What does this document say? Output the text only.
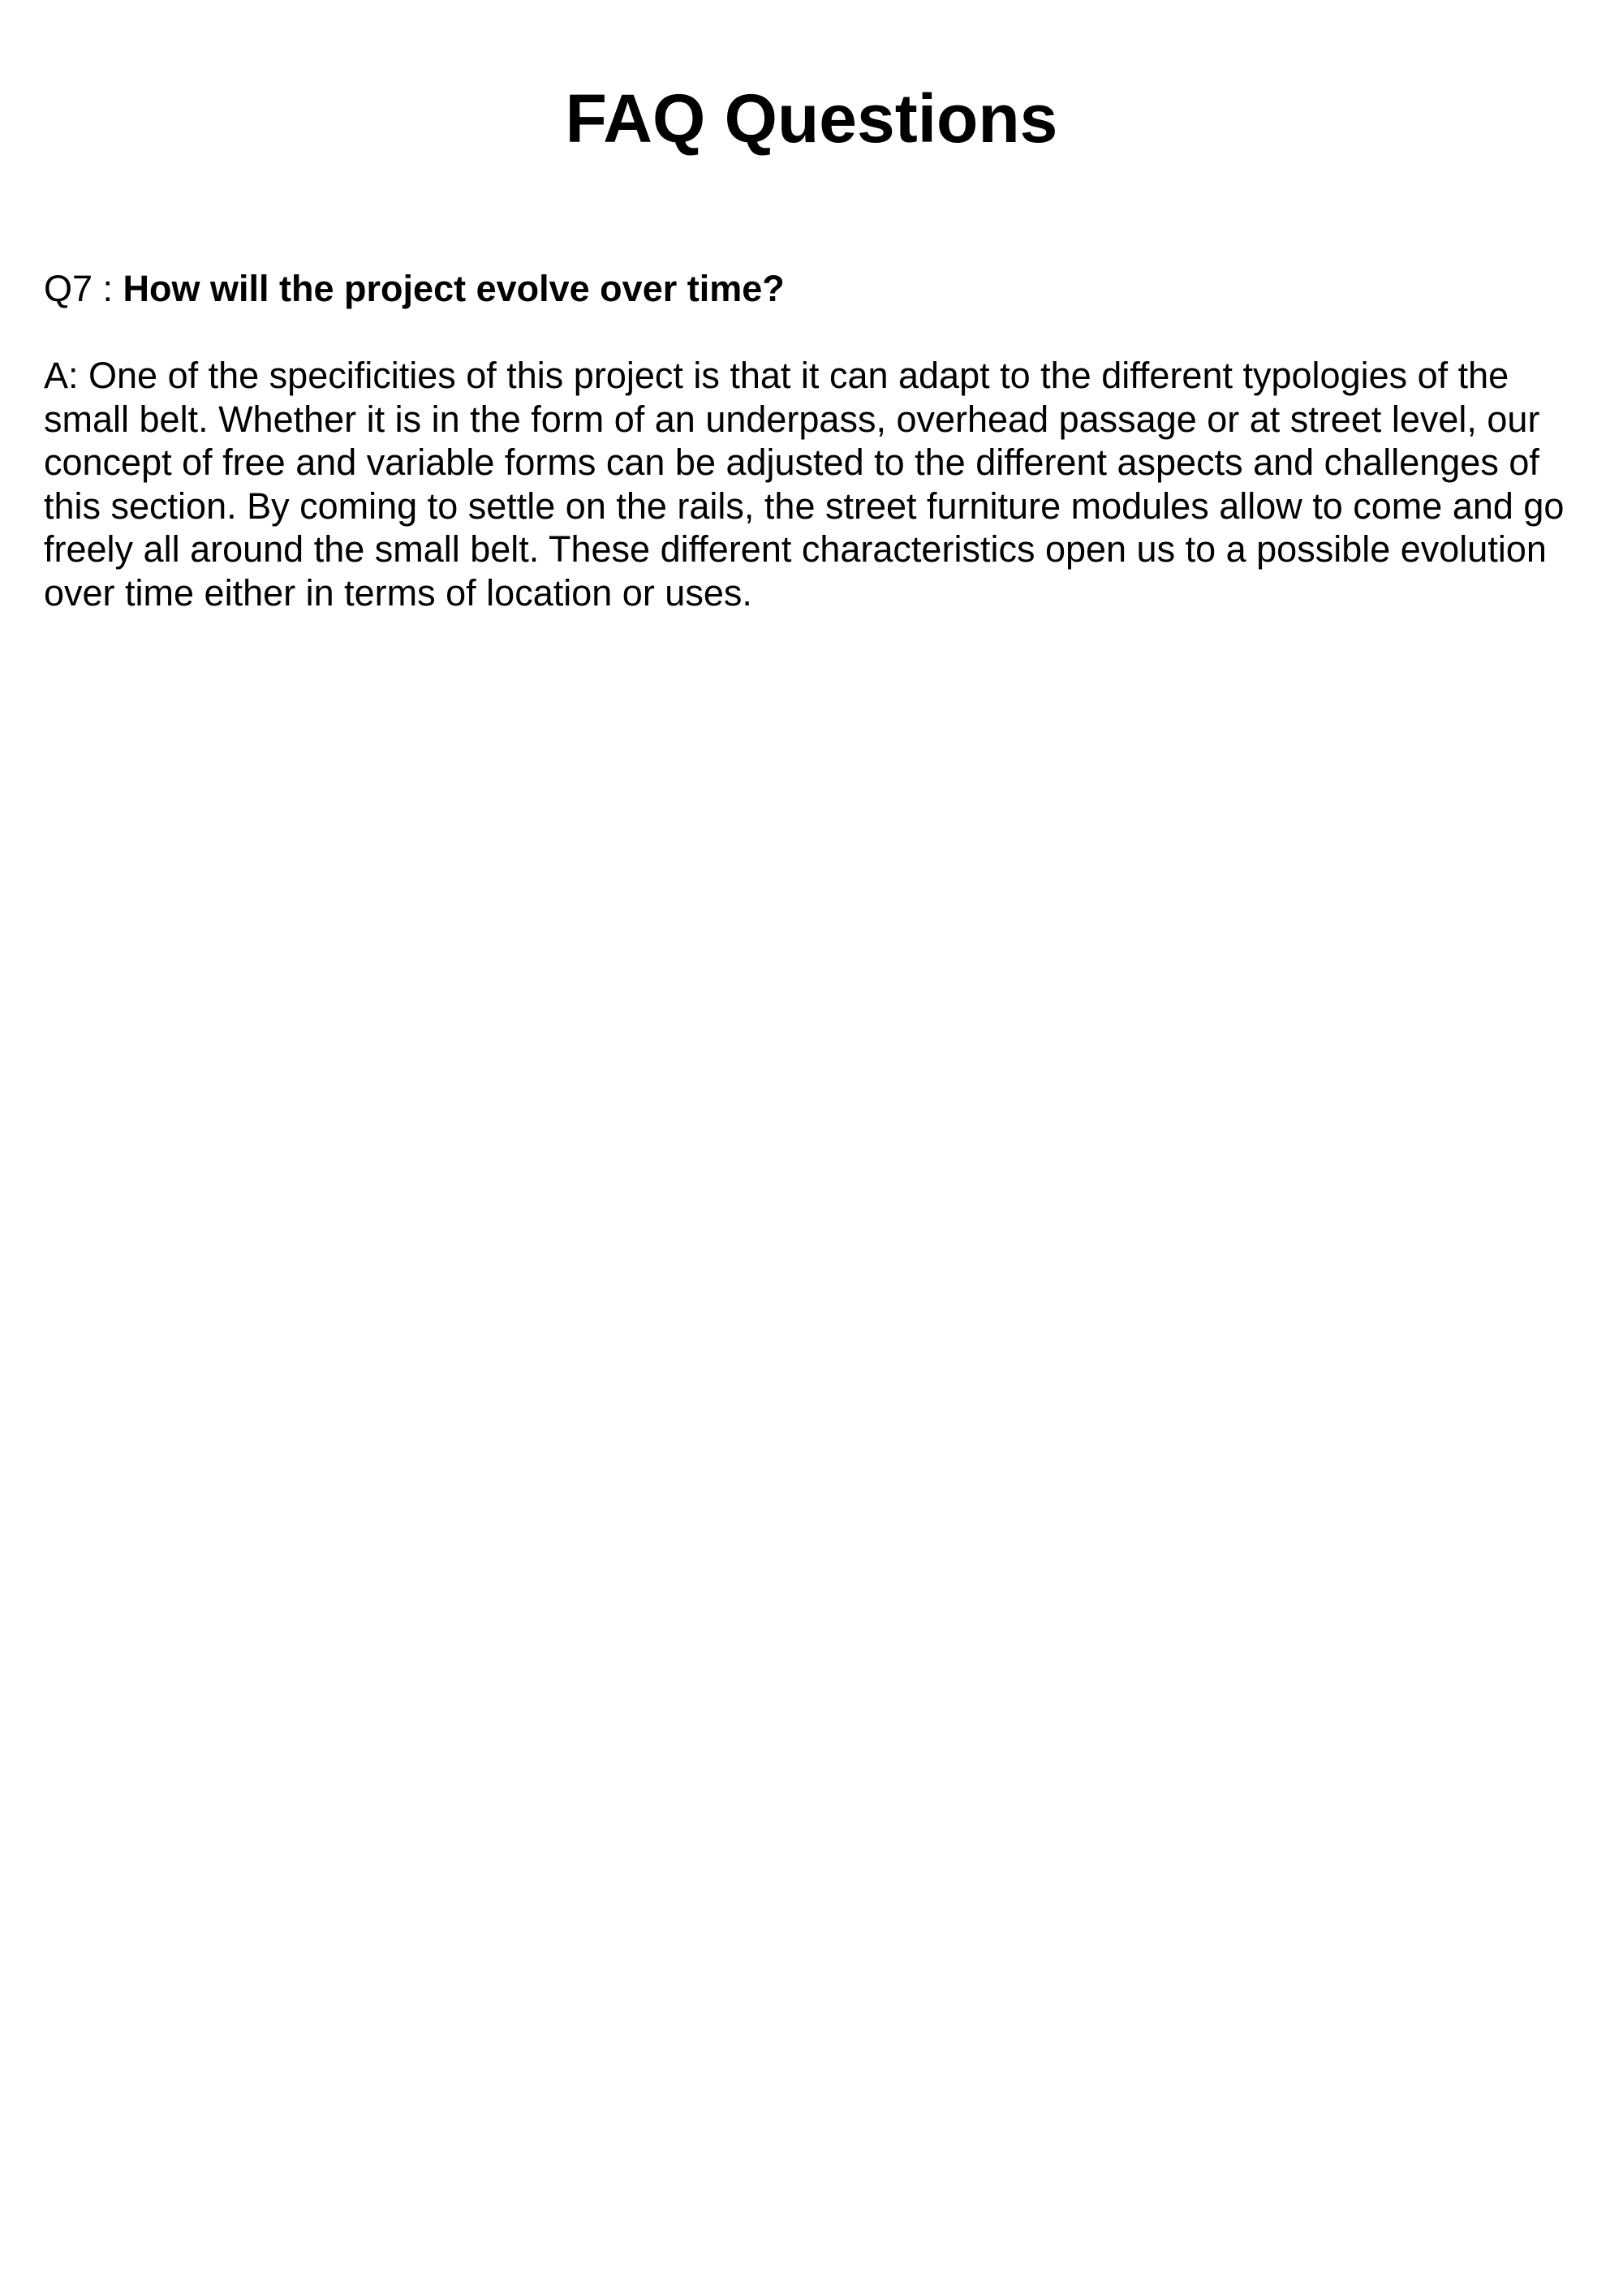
FAQ Questions

Q7 : How will the project evolve over time?

A: One of the specificities of this project is that it can adapt to the different typologies of the small belt. Whether it is in the form of an underpass, overhead passage or at street level, our concept of free and variable forms can be adjusted to the different aspects and challenges of this section. By coming to settle on the rails, the street furniture modules allow to come and go freely all around the small belt. These different characteristics open us to a possible evolution over time either in terms of location or uses.
